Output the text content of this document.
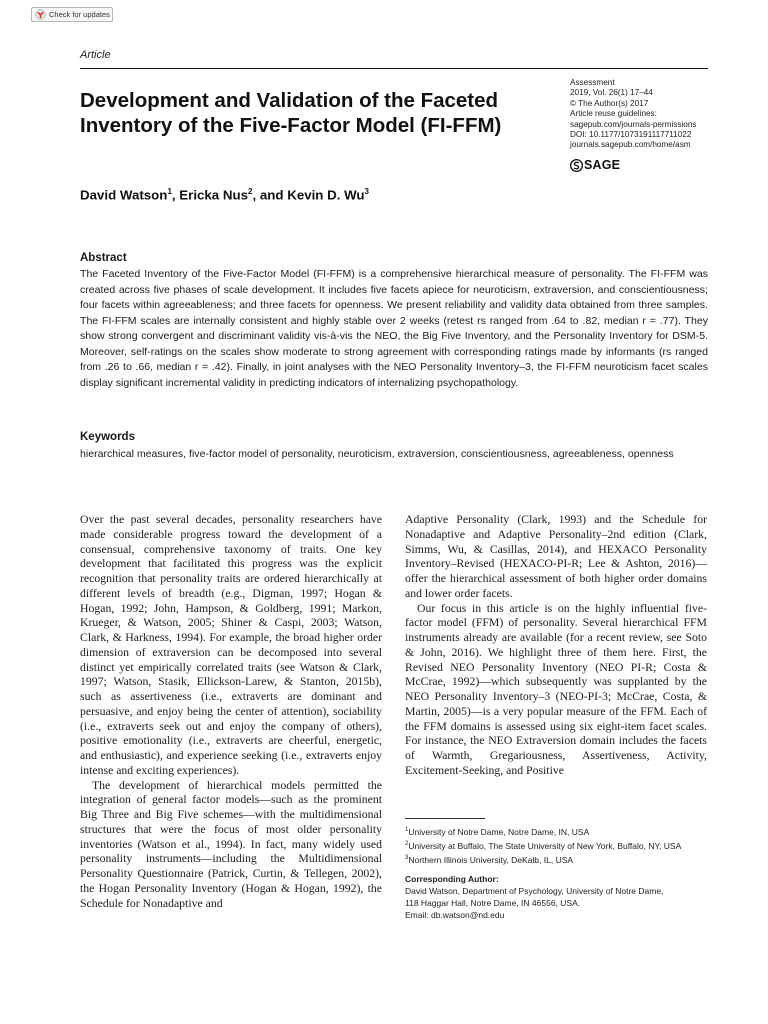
Check for updates
Article
Development and Validation of the Faceted Inventory of the Five-Factor Model (FI-FFM)
Assessment
2019, Vol. 26(1) 17–44
© The Author(s) 2017
Article reuse guidelines:
sagepub.com/journals-permissions
DOI: 10.1177/1073191117711022
journals.sagepub.com/home/asm
SAGE
David Watson$^1$, Ericka Nus$^2$, and Kevin D. Wu$^3$
Abstract

The Faceted Inventory of the Five-Factor Model (FI-FFM) is a comprehensive hierarchical measure of personality. The FI-FFM was created across five phases of scale development. It includes five facets apiece for neuroticism, extraversion, and conscientiousness; four facets within agreeableness; and three facets for openness. We present reliability and validity data obtained from three samples. The FI-FFM scales are internally consistent and highly stable over 2 weeks (retest rs ranged from .64 to .82, median r = .77). They show strong convergent and discriminant validity vis-à-vis the NEO, the Big Five Inventory, and the Personality Inventory for DSM-5. Moreover, self-ratings on the scales show moderate to strong agreement with corresponding ratings made by informants (rs ranged from .26 to .66, median r = .42). Finally, in joint analyses with the NEO Personality Inventory–3, the FI-FFM neuroticism facet scales display significant incremental validity in predicting indicators of internalizing psychopathology.

Keywords

hierarchical measures, five-factor model of personality, neuroticism, extraversion, conscientiousness, agreeableness, openness

Over the past several decades, personality researchers have made considerable progress toward the development of a consensual, comprehensive taxonomy of traits. One key development that facilitated this progress was the explicit recognition that personality traits are ordered hierarchically at different levels of breadth (e.g., Digman, 1997; Hogan & Hogan, 1992; John, Hampson, & Goldberg, 1991; Markon, Krueger, & Watson, 2005; Shiner & Caspi, 2003; Watson, Clark, & Harkness, 1994). For example, the broad higher order dimension of extraversion can be decomposed into several distinct yet empirically correlated traits (see Watson & Clark, 1997; Watson, Stasik, Ellickson-Larew, & Stanton, 2015b), such as assertiveness (i.e., extraverts are dominant and persuasive, and enjoy being the center of attention), sociability (i.e., extraverts seek out and enjoy the company of others), positive emotionality (i.e., extraverts are cheerful, energetic, and enthusiastic), and experience seeking (i.e., extraverts enjoy intense and exciting experiences).

The development of hierarchical models permitted the integration of general factor models—such as the prominent Big Three and Big Five schemes—with the multidimensional structures that were the focus of most older personality inventories (Watson et al., 1994). In fact, many widely used personality instruments—including the Multidimensional Personality Questionnaire (Patrick, Curtin, & Tellegen, 2002), the Hogan Personality Inventory (Hogan & Hogan, 1992), the Schedule for Nonadaptive and

Adaptive Personality (Clark, 1993) and the Schedule for Nonadaptive and Adaptive Personality–2nd edition (Clark, Simms, Wu, & Casillas, 2014), and HEXACO Personality Inventory–Revised (HEXACO-PI-R; Lee & Ashton, 2016)—offer the hierarchical assessment of both higher order domains and lower order facets.

Our focus in this article is on the highly influential five-factor model (FFM) of personality. Several hierarchical FFM instruments already are available (for a recent review, see Soto & John, 2016). We highlight three of them here. First, the Revised NEO Personality Inventory (NEO PI-R; Costa & McCrae, 1992)—which subsequently was supplanted by the NEO Personality Inventory–3 (NEO-PI-3; McCrae, Costa, & Martin, 2005)—is a very popular measure of the FFM. Each of the FFM domains is assessed using six eight-item facet scales. For instance, the NEO Extraversion domain includes the facets of Warmth, Gregariousness, Assertiveness, Activity, Excitement-Seeking, and Positive

$^1$University of Notre Dame, Notre Dame, IN, USA

$^2$University at Buffalo, The State University of New York, Buffalo, NY, USA

$^3$Northern Illinois University, DeKalb, IL, USA

Corresponding Author:

David Watson, Department of Psychology, University of Notre Dame,

118 Haggar Hall, Notre Dame, IN 46556, USA.

Email: db.watson@nd.edu
